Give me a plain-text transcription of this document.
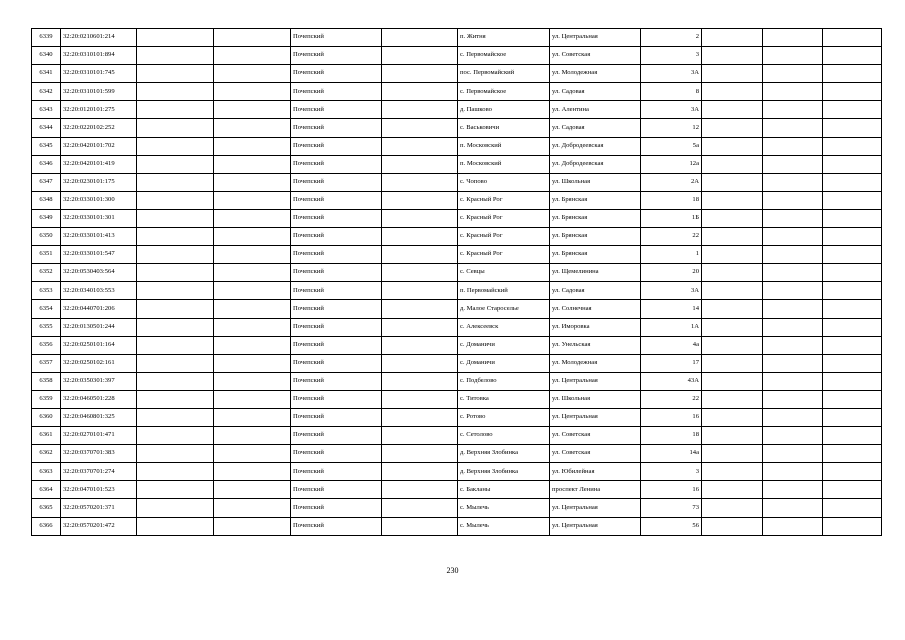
6339	32:20:0210601:214			Почепский		п. Житня	ул. Центральная	2			
6340	32:20:0310101:894			Почепский		с. Первомайское	ул. Советская	3			
6341	32:20:0310101:745			Почепский		пос. Первомайский	ул. Молодежная	3А			
6342	32:20:0310101:599			Почепский		с. Первомайское	ул. Садовая	8			
6343	32:20:0120101:275			Почепский		д. Пашково	ул. Алентина	3А			
6344	32:20:0220102:252			Почепский		с. Васьковичи	ул. Садовая	12			
6345	32:20:0420101:702			Почепский		п. Московский	ул. Добродеевская	5а			
6346	32:20:0420101:419			Почепский		п. Московский	ул. Добродеевская	12а			
6347	32:20:0230101:175			Почепский		с. Чопово	ул. Школьная	2А			
6348	32:20:0330101:300			Почепский		с. Красный Рог	ул. Брянская	18			
6349	32:20:0330101:301			Почепский		с. Красный Рог	ул. Брянская	1Б			
6350	32:20:0330101:413			Почепский		с. Красный Рог	ул. Брянская	22			
6351	32:20:0330101:547			Почепский		с. Красный Рог	ул. Брянская	1			
6352	32:20:0530403:564			Почепский		с. Севцы	ул. Щемелинина	20			
6353	32:20:0340103:553			Почепский		п. Первомайский	ул. Садовая	3А			
6354	32:20:0440701:206			Почепский		д. Малое Староселье	ул. Солнечная	14			
6355	32:20:0130501:244			Почепский		с. Алексеевск	ул. Иморовка	1А			
6356	32:20:0250101:164			Почепский		с. Доманичи	ул. Унельская	4а			
6357	32:20:0250102:161			Почепский		с. Доманичи	ул. Молодежная	17			
6358	32:20:0350301:397			Почепский		с. Подбелово	ул. Центральная	43А			
6359	32:20:0460501:228			Почепский		с. Титовка	ул. Школьная	22			
6360	32:20:0460801:325			Почепский		с. Ротово	ул. Центральная	16			
6361	32:20:0270101:471			Почепский		с. Сетолово	ул. Советская	18			
6362	32:20:0370701:383			Почепский		д. Верхняя Злобинка	ул. Советская	14а			
6363	32:20:0370701:274			Почепский		д. Верхняя Злобинка	ул. Юбилейная	3			
6364	32:20:0470101:523			Почепский		с. Бакланы	проспект Ленина	16			
6365	32:20:0570201:371			Почепский		с. Мылечь	ул. Центральная	73			
6366	32:20:0570201:472			Почепский		с. Мылечь	ул. Центральная	56			
230
